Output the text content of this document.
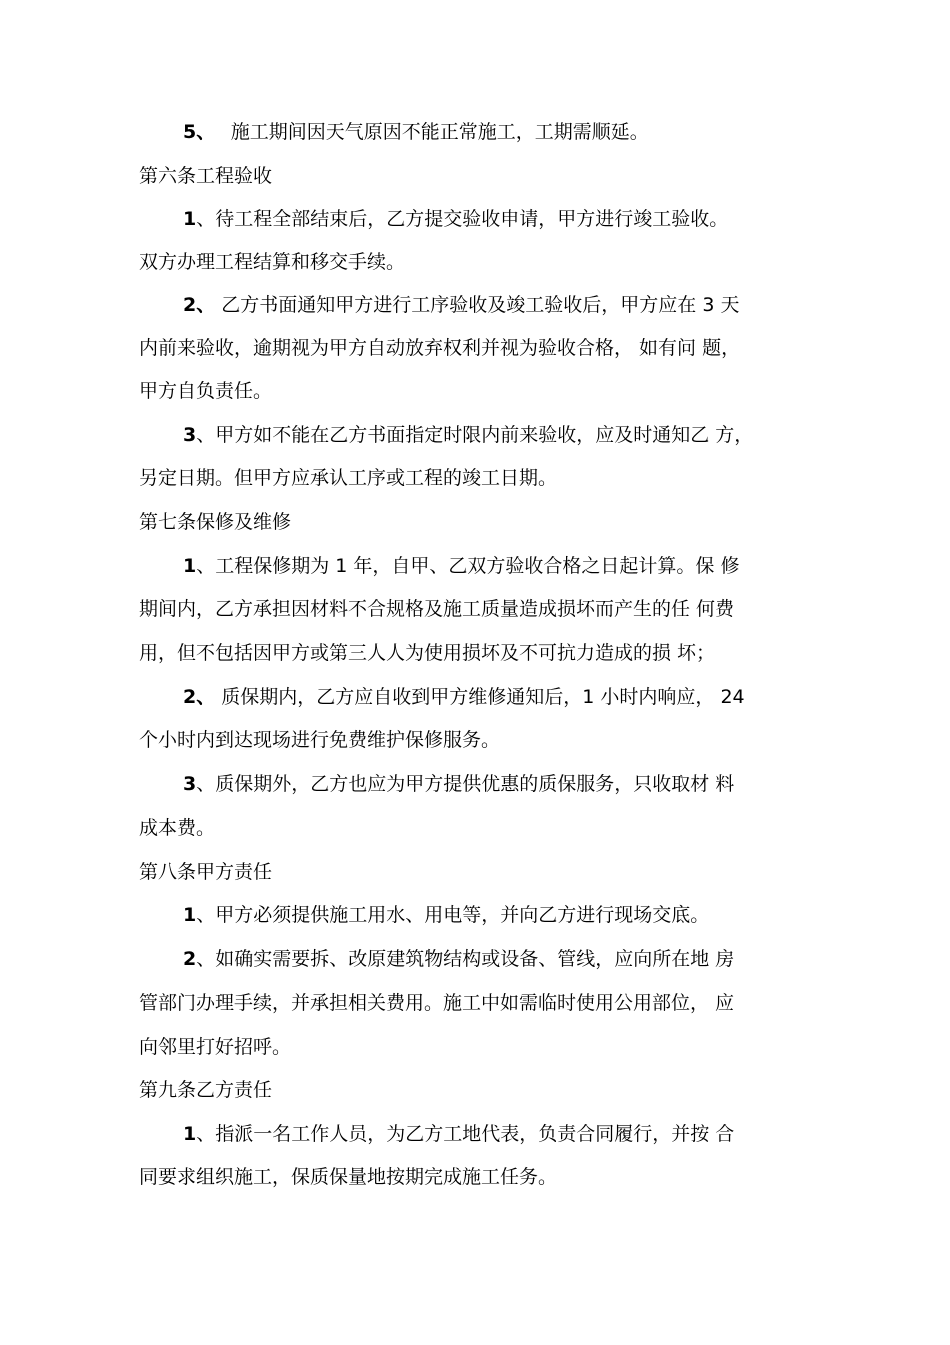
5、　 施工期间因天气原因不能正常施工，工期需顺延。
第六条工程验收
1、待工程全部结束后，乙方提交验收申请，甲方进行竣工验收。
双方办理工程结算和移交手续。
2、 乙方书面通知甲方进行工序验收及竣工验收后，甲方应在 3 天
内前来验收，逾期视为甲方自动放弃权利并视为验收合格， 如有问 题，
甲方自负责任。
3、甲方如不能在乙方书面指定时限内前来验收，应及时通知乙 方，
另定日期。但甲方应承认工序或工程的竣工日期。
第七条保修及维修
1、工程保修期为 1 年，自甲、乙双方验收合格之日起计算。保 修
期间内，乙方承担因材料不合规格及施工质量造成损坏而产生的任 何费
用，但不包括因甲方或第三人人为使用损坏及不可抗力造成的损 坏；
2、 质保期内，乙方应自收到甲方维修通知后，1 小时内响应， 24
个小时内到达现场进行免费维护保修服务。
3、质保期外，乙方也应为甲方提供优惠的质保服务，只收取材 料
成本费。
第八条甲方责任
1、甲方必须提供施工用水、用电等，并向乙方进行现场交底。
2、如确实需要拆、改原建筑物结构或设备、管线，应向所在地 房
管部门办理手续，并承担相关费用。施工中如需临时使用公用部位， 应
向邻里打好招呼。
第九条乙方责任
1、指派一名工作人员，为乙方工地代表，负责合同履行，并按 合
同要求组织施工，保质保量地按期完成施工任务。
